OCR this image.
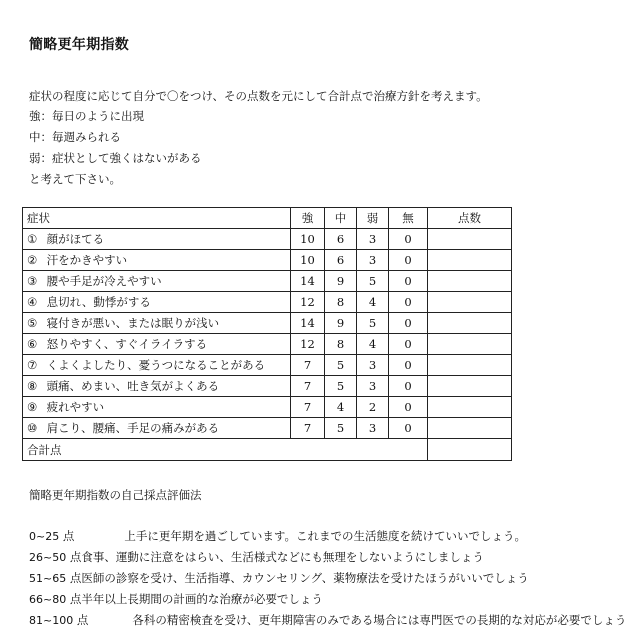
簡略更年期指数
症状の程度に応じて自分で〇をつけ、その点数を元にして合計点で治療方針を考えます。
強：毎日のように出現
中：毎週みられる
弱：症状として強くはないがある
と考えて下さい。
症状	強	中	弱	無	点数
① 顔がほてる	10	6	3	0	
② 汗をかきやすい	10	6	3	0	
③ 腰や手足が冷えやすい	14	9	5	0	
④ 息切れ、動悸がする	12	8	4	0	
⑤ 寝付きが悪い、または眠りが浅い	14	9	5	0	
⑥ 怒りやすく、すぐイライラする	12	8	4	0	
⑦ くよくよしたり、憂うつになることがある	7	5	3	0	
⑧ 頭痛、めまい、吐き気がよくある	7	5	3	0	
⑨ 疲れやすい	7	4	2	0	
⑩ 肩こり、腰痛、手足の痛みがある	7	5	3	0	
合計点					
簡略更年期指数の自己採点評価法
0~25 点	上手に更年期を過ごしています。これまでの生活態度を続けていいでしょう。
26~50 点食事、運動に注意をはらい、生活様式などにも無理をしないようにしましょう
51~65 点医師の診察を受け、生活指導、カウンセリング、薬物療法を受けたほうがいいでしょう
66~80 点半年以上長期間の計画的な治療が必要でしょう
81~100 点	各科の精密検査を受け、更年期障害のみである場合には専門医での長期的な対応が必要でしょう
